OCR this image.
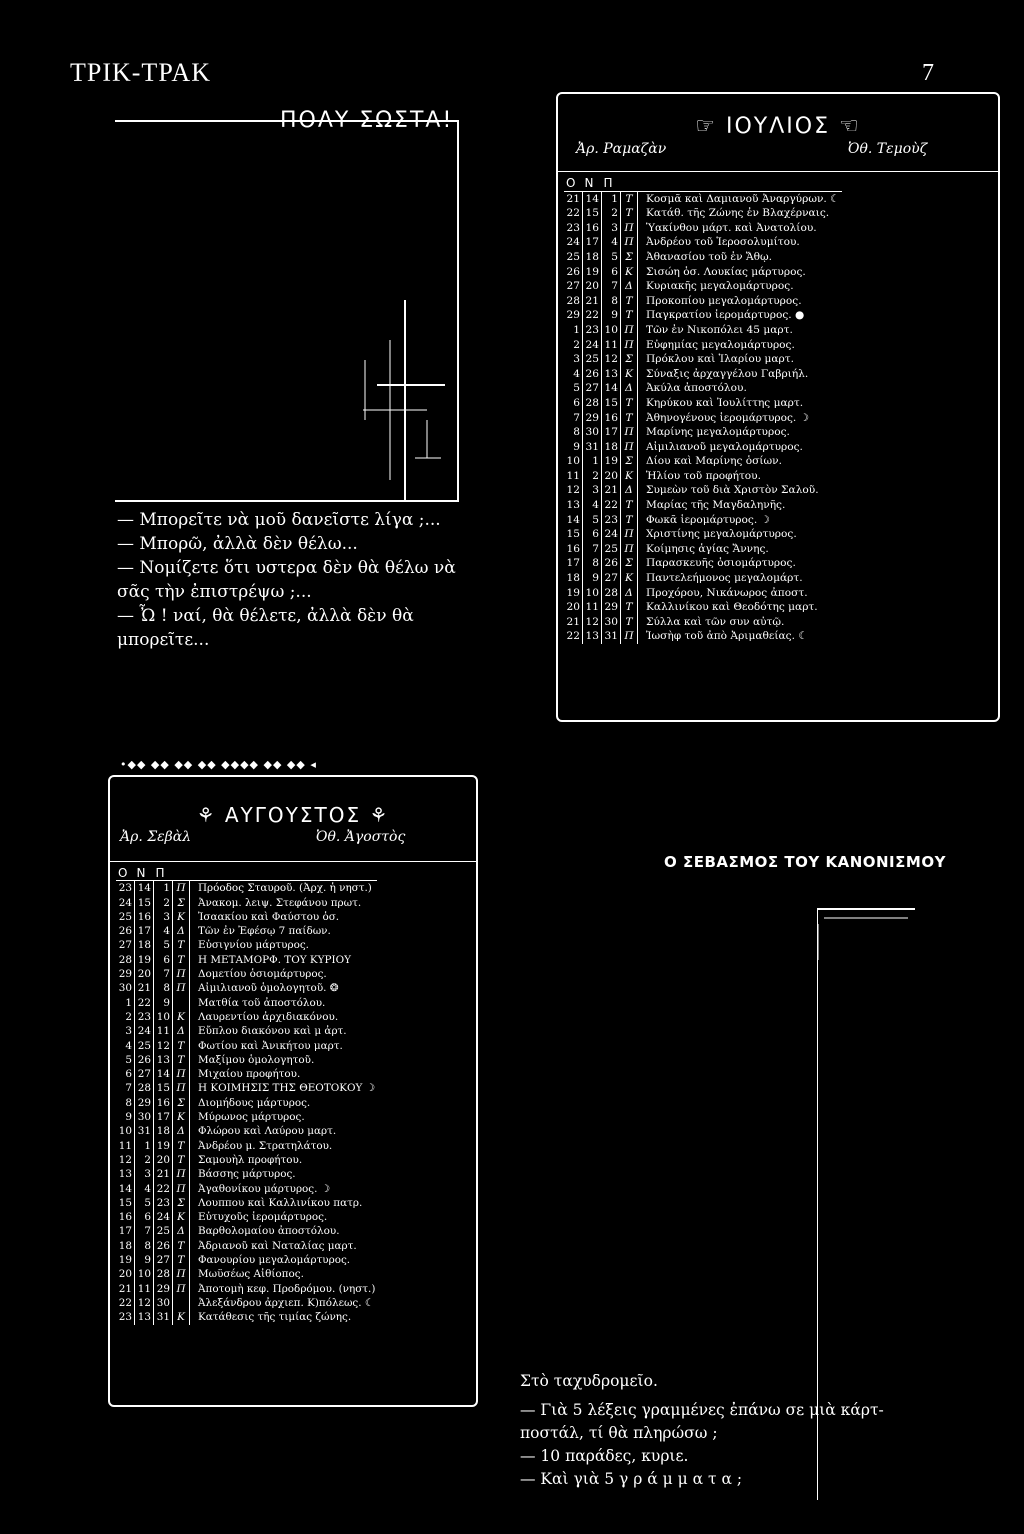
ΤΡΙΚ-ΤΡΑΚ	7
ΠΟΛΥ ΣΩΣΤΑ!

— Μπορεῖτε νὰ μοῦ δανεῖστε λίγα ;...

— Μπορῶ, ἀλλὰ δὲν θέλω...

— Νομίζετε ὅτι υστερα δὲν θὰ θέλω νὰ σᾶς τὴν ἐπιστρέψω ;...

— Ὦ ! ναί, θὰ θέλετε, ἀλλὰ δὲν θὰ μπορεῖτε...

☞ ΙΟΥΛΙΟΣ ☜
Ἀρ. Ραμαζὰν	Ὀθ. Τεμοὺζ
Ο	Ν	Π		
21	14	1	Τ	Κοσμᾶ καὶ Δαμιανοῦ Ἀναργύρων. ☾
22	15	2	Τ	Κατάθ. τῆς Ζώνης ἐν Βλαχέρναις.
23	16	3	Π	Ὑακίνθου μάρτ. καὶ Ἀνατολίου.
24	17	4	Π	Ἀνδρέου τοῦ Ἱεροσολυμίτου.
25	18	5	Σ	Ἀθανασίου τοῦ ἐν Ἄθῳ.
26	19	6	Κ	Σισώη ὁσ. Λουκίας μάρτυρος.
27	20	7	Δ	Κυριακῆς μεγαλομάρτυρος.
28	21	8	Τ	Προκοπίου μεγαλομάρτυρος.
29	22	9	Τ	Παγκρατίου ἱερομάρτυρος. ●
1	23	10	Π	Τῶν ἐν Νικοπόλει 45 μαρτ.
2	24	11	Π	Εὐφημίας μεγαλομάρτυρος.
3	25	12	Σ	Πρόκλου καὶ Ἱλαρίου μαρτ.
4	26	13	Κ	Σύναξις ἀρχαγγέλου Γαβριήλ.
5	27	14	Δ	Ἀκύλα ἀποστόλου.
6	28	15	Τ	Κηρύκου καὶ Ἰουλίττης μαρτ.
7	29	16	Τ	Ἀθηνογένους ἱερομάρτυρος. ☽
8	30	17	Π	Μαρίνης μεγαλομάρτυρος.
9	31	18	Π	Αἰμιλιανοῦ μεγαλομάρτυρος.
10	1	19	Σ	Δίου καὶ Μαρίνης ὁσίων.
11	2	20	Κ	Ἡλίου τοῦ προφήτου.
12	3	21	Δ	Συμεὼν τοῦ διὰ Χριστὸν Σαλοῦ.
13	4	22	Τ	Μαρίας τῆς Μαγδαληνῆς.
14	5	23	Τ	Φωκᾶ ἱερομάρτυρος. ☽
15	6	24	Π	Χριστίνης μεγαλομάρτυρος.
16	7	25	Π	Κοίμησις ἁγίας Ἄννης.
17	8	26	Σ	Παρασκευῆς ὁσιομάρτυρος.
18	9	27	Κ	Παντελεήμονος μεγαλομάρτ.
19	10	28	Δ	Προχόρου, Νικάνωρος ἀποστ.
20	11	29	Τ	Καλλινίκου καὶ Θεοδότης μαρτ.
21	12	30	Τ	Σύλλα καὶ τῶν συν αὐτῷ.
22	13	31	Π	Ἰωσὴφ τοῦ ἀπὸ Ἀριμαθείας. ☾
•◆◆ ◆◆ ◆◆ ◆◆ ◆◆◆◆ ◆◆ ◆◆ ◂
⚘ ΑΥΓΟΥΣΤΟΣ ⚘
Ἀρ. Σεβὰλ	Ὀθ. Ἀγοστὸς
Ο	Ν	Π		
23	14	1	Π	Πρόοδος Σταυροῦ. (Ἀρχ. ἡ νηστ.)
24	15	2	Σ	Ἀνακομ. λειψ. Στεφάνου πρωτ.
25	16	3	Κ	Ἰσαακίου καὶ Φαύστου ὁσ.
26	17	4	Δ	Τῶν ἐν Ἐφέσῳ 7 παίδων.
27	18	5	Τ	Εὐσιγνίου μάρτυρος.
28	19	6	Τ	Η ΜΕΤΑΜΟΡΦ. ΤΟΥ ΚΥΡΙΟΥ
29	20	7	Π	Δομετίου ὁσιομάρτυρος.
30	21	8	Π	Αἰμιλιανοῦ ὁμολογητοῦ. ❂
1	22	9		Ματθία τοῦ ἀποστόλου.
2	23	10	Κ	Λαυρεντίου ἀρχιδιακόνου.
3	24	11	Δ	Εὔπλου διακόνου καὶ μ ἀρτ.
4	25	12	Τ	Φωτίου καὶ Ἀνικήτου μαρτ.
5	26	13	Τ	Μαξίμου ὁμολογητοῦ.
6	27	14	Π	Μιχαίου προφήτου.
7	28	15	Π	Η ΚΟΙΜΗΣΙΣ ΤΗΣ ΘΕΟΤΟΚΟΥ ☽
8	29	16	Σ	Διομήδους μάρτυρος.
9	30	17	Κ	Μύρωνος μάρτυρος.
10	31	18	Δ	Φλώρου καὶ Λαύρου μαρτ.
11	1	19	Τ	Ἀνδρέου μ. Στρατηλάτου.
12	2	20	Τ	Σαμουὴλ προφήτου.
13	3	21	Π	Βάσσης μάρτυρος.
14	4	22	Π	Ἀγαθονίκου μάρτυρος. ☽
15	5	23	Σ	Λουππου καὶ Καλλινίκου πατρ.
16	6	24	Κ	Εὐτυχοῦς ἱερομάρτυρος.
17	7	25	Δ	Βαρθολομαίου ἀποστόλου.
18	8	26	Τ	Ἀδριανοῦ καὶ Ναταλίας μαρτ.
19	9	27	Τ	Φανουρίου μεγαλομάρτυρος.
20	10	28	Π	Μωϋσέως Αἰθίοπος.
21	11	29	Π	Ἀποτομὴ κεφ. Προδρόμου. (νηστ.)
22	12	30		Ἀλεξάνδρου ἀρχιεπ. Κ)πόλεως. ☾
23	13	31	Κ	Κατάθεσις τῆς τιμίας ζώνης.
Ο ΣΕΒΑΣΜΟΣ ΤΟΥ ΚΑΝΟΝΙΣΜΟΥ

Στὸ ταχυδρομεῖο.

— Γιὰ 5 λέξεις γραμμένες ἐπάνω σε μιὰ κάρτ-

ποστάλ, τί θὰ πληρώσω ;

— 10 παράδες, κυριε.

— Καὶ γιὰ 5 γ ρ ά μ μ α τ α ;
